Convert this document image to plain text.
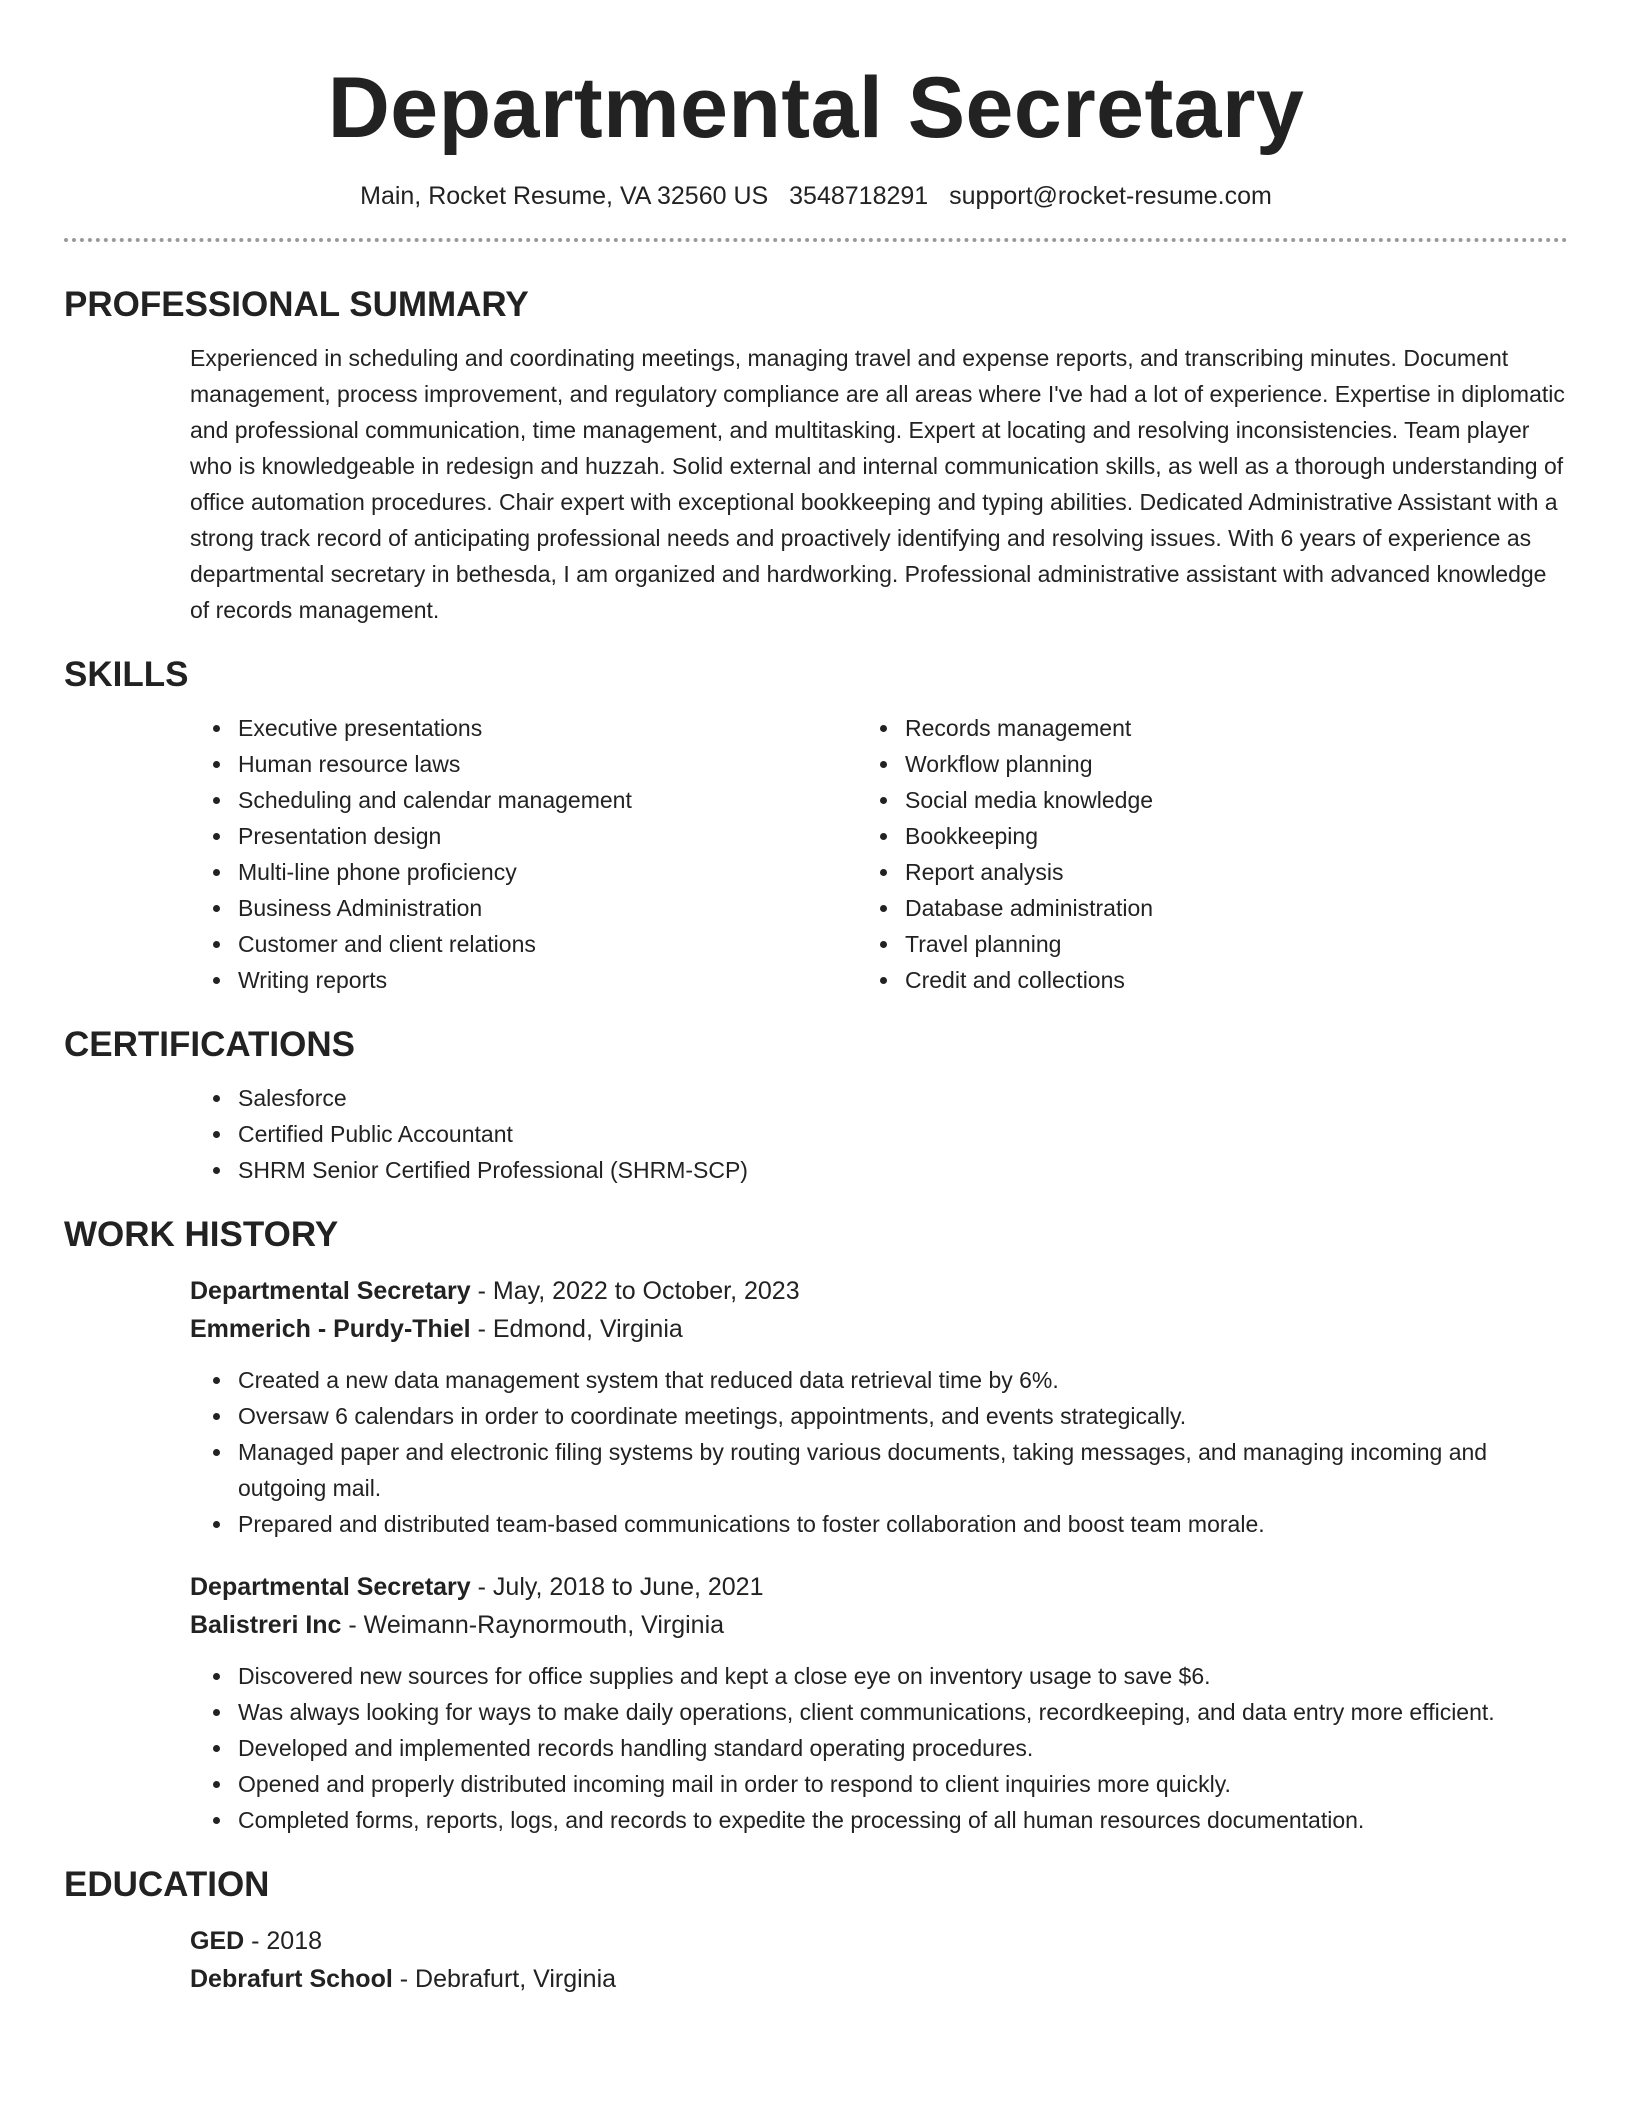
Departmental Secretary
Main, Rocket Resume, VA 32560 US 3548718291 support@rocket-resume.com
PROFESSIONAL SUMMARY
Experienced in scheduling and coordinating meetings, managing travel and expense reports, and transcribing minutes. Document management, process improvement, and regulatory compliance are all areas where I've had a lot of experience. Expertise in diplomatic and professional communication, time management, and multitasking. Expert at locating and resolving inconsistencies. Team player who is knowledgeable in redesign and huzzah. Solid external and internal communication skills, as well as a thorough understanding of office automation procedures. Chair expert with exceptional bookkeeping and typing abilities. Dedicated Administrative Assistant with a strong track record of anticipating professional needs and proactively identifying and resolving issues. With 6 years of experience as departmental secretary in bethesda, I am organized and hardworking. Professional administrative assistant with advanced knowledge of records management.
SKILLS
• Executive presentations
• Human resource laws
• Scheduling and calendar management
• Presentation design
• Multi-line phone proficiency
• Business Administration
• Customer and client relations
• Writing reports
• Records management
• Workflow planning
• Social media knowledge
• Bookkeeping
• Report analysis
• Database administration
• Travel planning
• Credit and collections
CERTIFICATIONS
• Salesforce
• Certified Public Accountant
• SHRM Senior Certified Professional (SHRM-SCP)
WORK HISTORY
Departmental Secretary - May, 2022 to October, 2023
Emmerich - Purdy-Thiel - Edmond, Virginia
• Created a new data management system that reduced data retrieval time by 6%.
• Oversaw 6 calendars in order to coordinate meetings, appointments, and events strategically.
• Managed paper and electronic filing systems by routing various documents, taking messages, and managing incoming and outgoing mail.
• Prepared and distributed team-based communications to foster collaboration and boost team morale.
Departmental Secretary - July, 2018 to June, 2021
Balistreri Inc - Weimann-Raynormouth, Virginia
• Discovered new sources for office supplies and kept a close eye on inventory usage to save $6.
• Was always looking for ways to make daily operations, client communications, recordkeeping, and data entry more efficient.
• Developed and implemented records handling standard operating procedures.
• Opened and properly distributed incoming mail in order to respond to client inquiries more quickly.
• Completed forms, reports, logs, and records to expedite the processing of all human resources documentation.
EDUCATION
GED - 2018
Debrafurt School - Debrafurt, Virginia
